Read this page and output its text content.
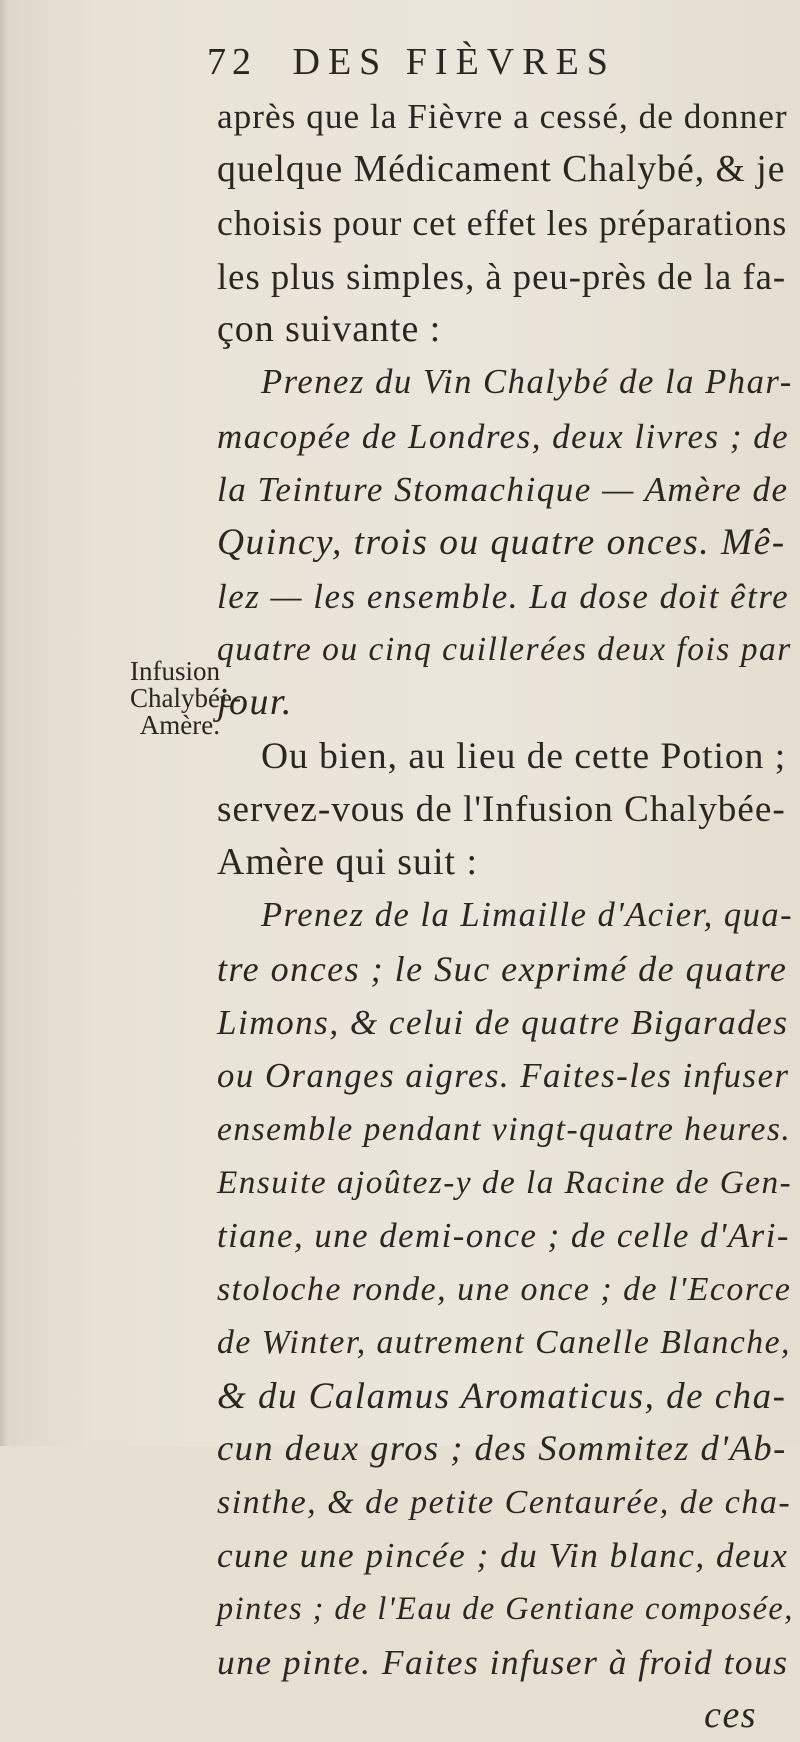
72 DES FIÈVRES
Infusion
Chalybée-
Amère.
après que la Fièvre a cessé, de donner
quelque Médicament Chalybé, & je
choisis pour cet effet les préparations
les plus simples, à peu-près de la fa-
çon suivante :
Prenez du Vin Chalybé de la Phar-
macopée de Londres, deux livres ; de
la Teinture Stomachique — Amère de
Quincy, trois ou quatre onces. Mê-
lez — les ensemble. La dose doit être
quatre ou cinq cuillerées deux fois par
jour.
Ou bien, au lieu de cette Potion ;
servez-vous de l'Infusion Chalybée-
Amère qui suit :
Prenez de la Limaille d'Acier, qua-
tre onces ; le Suc exprimé de quatre
Limons, & celui de quatre Bigarades
ou Oranges aigres. Faites-les infuser
ensemble pendant vingt-quatre heures.
Ensuite ajoûtez-y de la Racine de Gen-
tiane, une demi-once ; de celle d'Ari-
stoloche ronde, une once ; de l'Ecorce
de Winter, autrement Canelle Blanche,
& du Calamus Aromaticus, de cha-
cun deux gros ; des Sommitez d'Ab-
sinthe, & de petite Centaurée, de cha-
cune une pincée ; du Vin blanc, deux
pintes ; de l'Eau de Gentiane composée,
une pinte. Faites infuser à froid tous
ces
